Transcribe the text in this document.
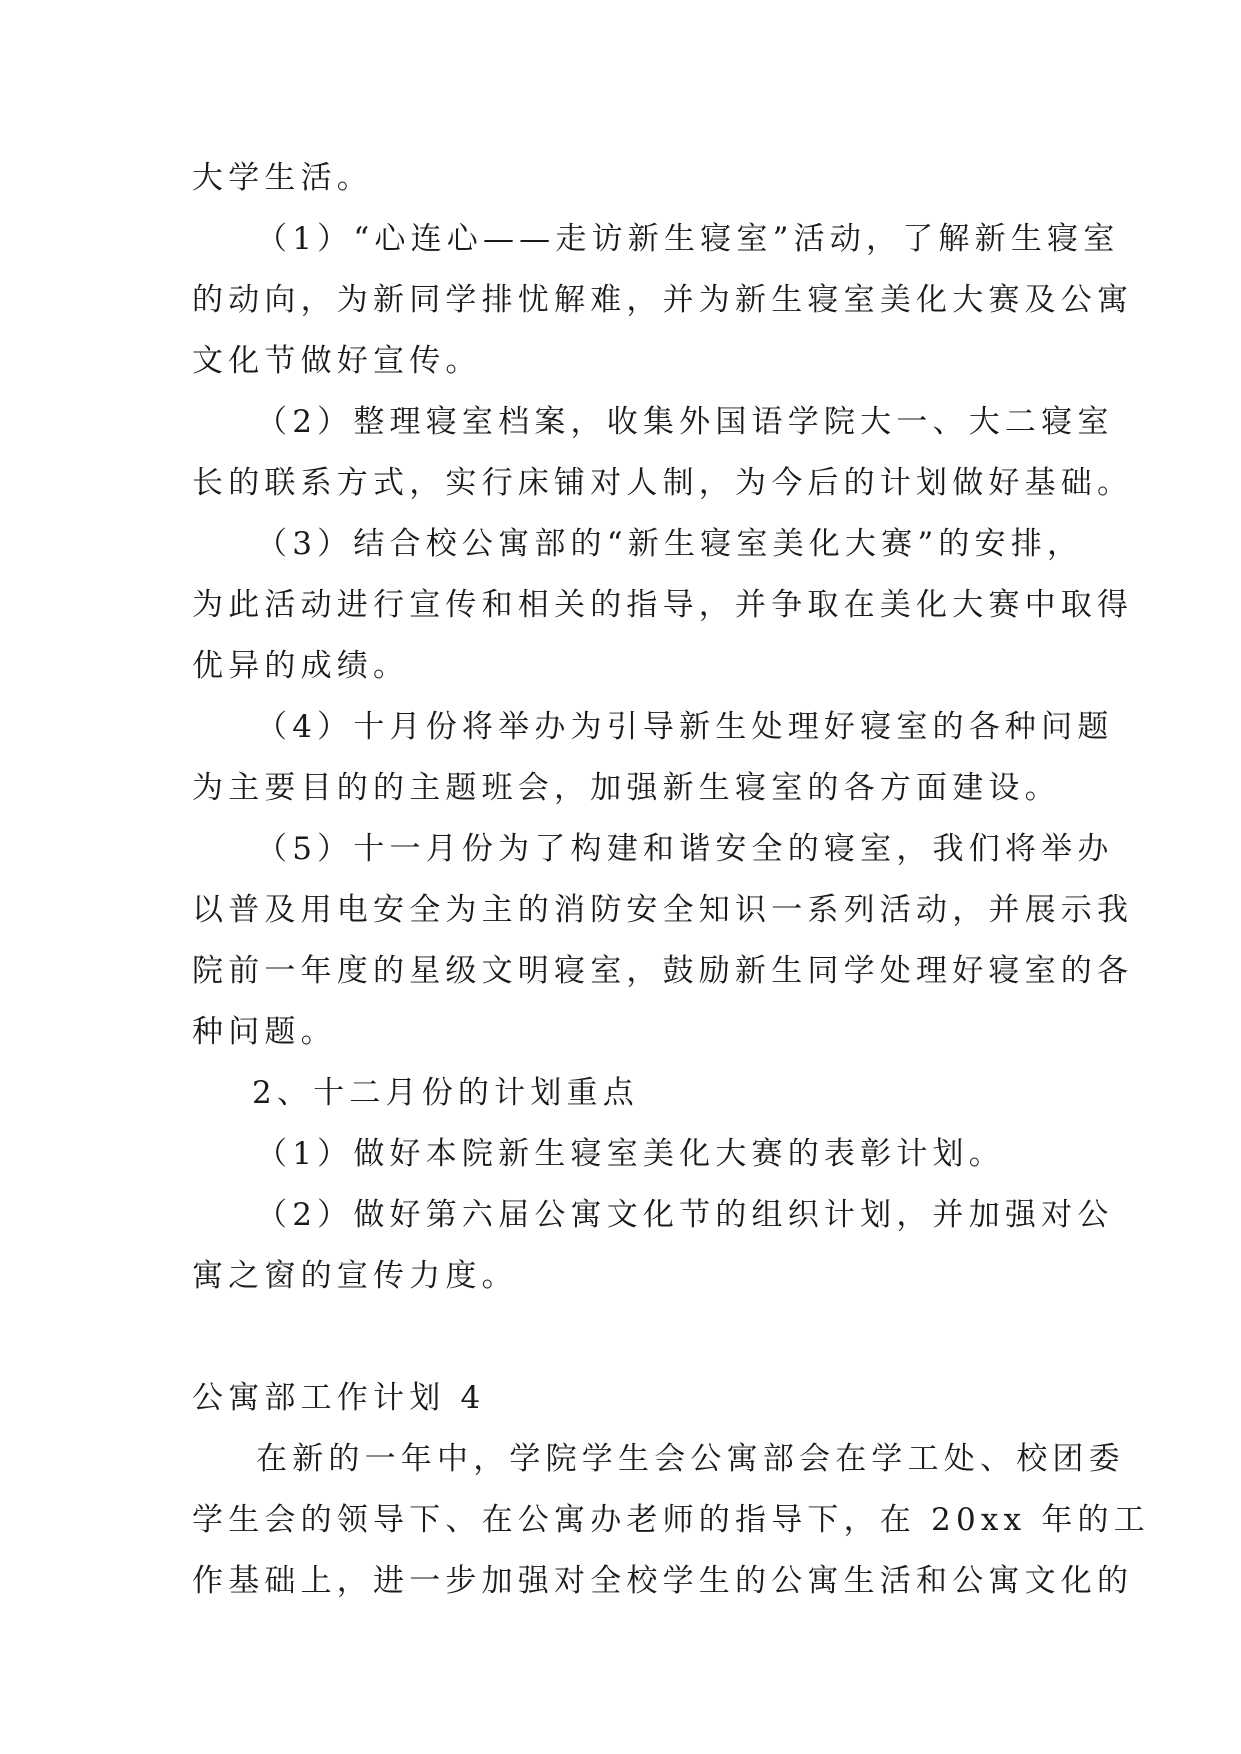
大学生活。

（1）“心连心——走访新生寝室”活动，了解新生寝室

的动向，为新同学排忧解难，并为新生寝室美化大赛及公寓

文化节做好宣传。

（2）整理寝室档案，收集外国语学院大一、大二寝室

长的联系方式，实行床铺对人制，为今后的计划做好基础。

（3）结合校公寓部的“新生寝室美化大赛”的安排，

为此活动进行宣传和相关的指导，并争取在美化大赛中取得

优异的成绩。

（4）十月份将举办为引导新生处理好寝室的各种问题

为主要目的的主题班会，加强新生寝室的各方面建设。

（5）十一月份为了构建和谐安全的寝室，我们将举办

以普及用电安全为主的消防安全知识一系列活动，并展示我

院前一年度的星级文明寝室，鼓励新生同学处理好寝室的各

种问题。

2、十二月份的计划重点

（1）做好本院新生寝室美化大赛的表彰计划。

（2）做好第六届公寓文化节的组织计划，并加强对公

寓之窗的宣传力度。

公寓部工作计划 4

在新的一年中，学院学生会公寓部会在学工处、校团委

学生会的领导下、在公寓办老师的指导下，在 20xx 年的工

作基础上，进一步加强对全校学生的公寓生活和公寓文化的
